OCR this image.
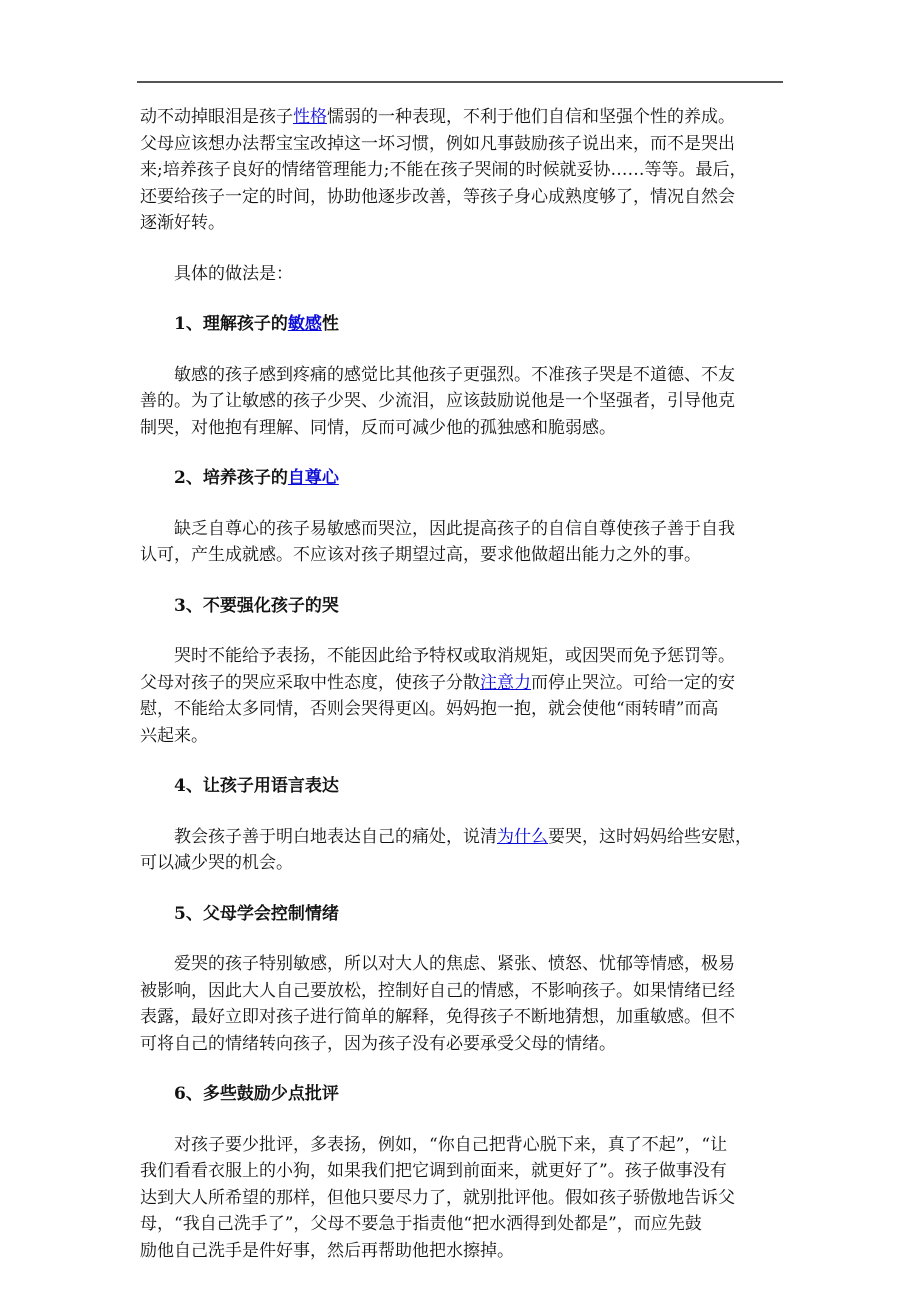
动不动掉眼泪是孩子性格懦弱的一种表现，不利于他们自信和坚强个性的养成。
父母应该想办法帮宝宝改掉这一坏习惯，例如凡事鼓励孩子说出来，而不是哭出
来;培养孩子良好的情绪管理能力;不能在孩子哭闹的时候就妥协……等等。最后，
还要给孩子一定的时间，协助他逐步改善，等孩子身心成熟度够了，情况自然会
逐渐好转。
具体的做法是：
1、理解孩子的敏感性
敏感的孩子感到疼痛的感觉比其他孩子更强烈。不准孩子哭是不道德、不友
善的。为了让敏感的孩子少哭、少流泪，应该鼓励说他是一个坚强者，引导他克
制哭，对他抱有理解、同情，反而可减少他的孤独感和脆弱感。
2、培养孩子的自尊心
缺乏自尊心的孩子易敏感而哭泣，因此提高孩子的自信自尊使孩子善于自我
认可，产生成就感。不应该对孩子期望过高，要求他做超出能力之外的事。
3、不要强化孩子的哭
哭时不能给予表扬，不能因此给予特权或取消规矩，或因哭而免予惩罚等。
父母对孩子的哭应采取中性态度，使孩子分散注意力而停止哭泣。可给一定的安
慰，不能给太多同情，否则会哭得更凶。妈妈抱一抱，就会使他“雨转晴”而高
兴起来。
4、让孩子用语言表达
教会孩子善于明白地表达自己的痛处，说清为什么要哭，这时妈妈给些安慰，
可以减少哭的机会。
5、父母学会控制情绪
爱哭的孩子特别敏感，所以对大人的焦虑、紧张、愤怒、忧郁等情感，极易
被影响，因此大人自己要放松，控制好自己的情感，不影响孩子。如果情绪已经
表露，最好立即对孩子进行简单的解释，免得孩子不断地猜想，加重敏感。但不
可将自己的情绪转向孩子，因为孩子没有必要承受父母的情绪。
6、多些鼓励少点批评
对孩子要少批评，多表扬，例如，“你自己把背心脱下来，真了不起”，“让
我们看看衣服上的小狗，如果我们把它调到前面来，就更好了”。孩子做事没有
达到大人所希望的那样，但他只要尽力了，就别批评他。假如孩子骄傲地告诉父
母，“我自己洗手了”，父母不要急于指责他“把水洒得到处都是”，而应先鼓
励他自己洗手是件好事，然后再帮助他把水擦掉。
